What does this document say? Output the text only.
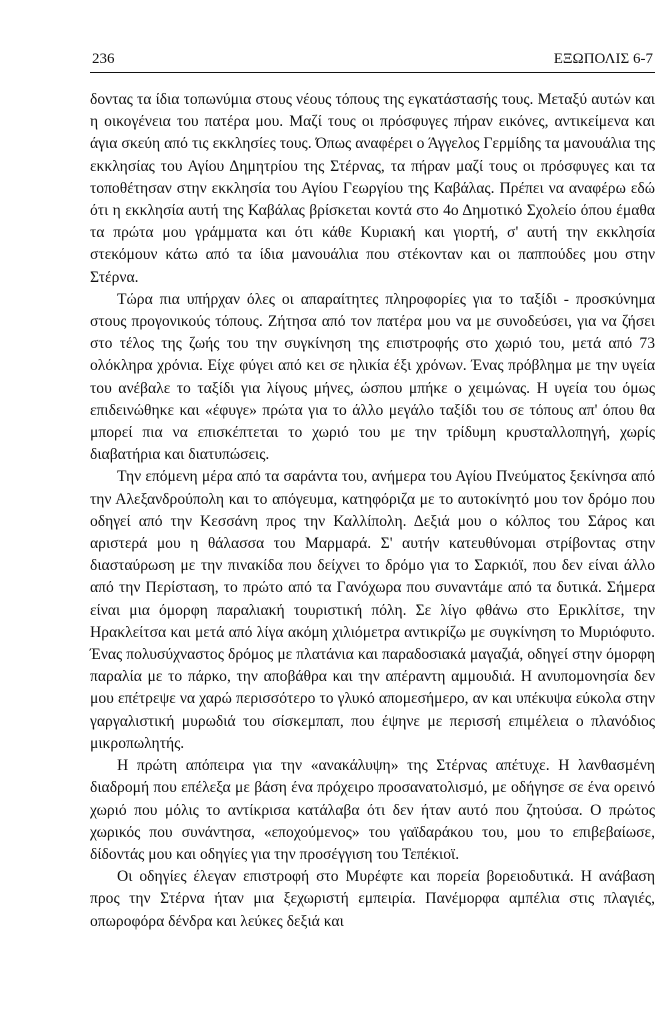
236	ΕΞΩΠΟΛΙΣ 6-7

δοντας τα ίδια τοπωνύμια στους νέους τόπους της εγκατάστασής τους. Μεταξύ αυτών και η οικογένεια του πατέρα μου. Μαζί τους οι πρόσφυγες πήραν εικόνες, αντικείμενα και άγια σκεύη από τις εκκλησίες τους. Όπως αναφέρει ο Άγγελος Γερμίδης τα μανουάλια της εκκλησίας του Αγίου Δημητρίου της Στέρνας, τα πήραν μαζί τους οι πρόσφυγες και τα τοποθέτησαν στην εκκλησία του Αγίου Γεωργίου της Καβάλας. Πρέπει να αναφέρω εδώ ότι η εκκλησία αυτή της Καβάλας βρίσκεται κοντά στο 4ο Δημοτικό Σχολείο όπου έμαθα τα πρώτα μου γράμματα και ότι κάθε Κυριακή και γιορτή, σ' αυτή την εκκλησία στεκόμουν κάτω από τα ίδια μανουάλια που στέκονταν και οι παππούδες μου στην Στέρνα.

Τώρα πια υπήρχαν όλες οι απαραίτητες πληροφορίες για το ταξίδι - προσκύνημα στους προγονικούς τόπους. Ζήτησα από τον πατέρα μου να με συνοδεύσει, για να ζήσει στο τέλος της ζωής του την συγκίνηση της επιστροφής στο χωριό του, μετά από 73 ολόκληρα χρόνια. Είχε φύγει από κει σε ηλικία έξι χρόνων. Ένας πρόβλημα με την υγεία του ανέβαλε το ταξίδι για λίγους μήνες, ώσπου μπήκε ο χειμώνας. Η υγεία του όμως επιδεινώθηκε και «έφυγε» πρώτα για το άλλο μεγάλο ταξίδι του σε τόπους απ' όπου θα μπορεί πια να επισκέπτεται το χωριό του με την τρίδυμη κρυσταλλοπηγή, χωρίς διαβατήρια και διατυπώσεις.

Την επόμενη μέρα από τα σαράντα του, ανήμερα του Αγίου Πνεύματος ξεκίνησα από την Αλεξανδρούπολη και το απόγευμα, κατηφόριζα με το αυτοκίνητό μου τον δρόμο που οδηγεί από την Κεσσάνη προς την Καλλίπολη. Δεξιά μου ο κόλπος του Σάρος και αριστερά μου η θάλασσα του Μαρμαρά. Σ' αυτήν κατευθύνομαι στρίβοντας στην διασταύρωση με την πινακίδα που δείχνει το δρόμο για το Σαρκιόϊ, που δεν είναι άλλο από την Περίσταση, το πρώτο από τα Γανόχωρα που συναντάμε από τα δυτικά. Σήμερα είναι μια όμορφη παραλιακή τουριστική πόλη. Σε λίγο φθάνω στο Ερικλίτσε, την Ηρακλείτσα και μετά από λίγα ακόμη χιλιόμετρα αντικρίζω με συγκίνηση το Μυριόφυτο. Ένας πολυσύχναστος δρόμος με πλατάνια και παραδοσιακά μαγαζιά, οδηγεί στην όμορφη παραλία με το πάρκο, την αποβάθρα και την απέραντη αμμουδιά. Η ανυπομονησία δεν μου επέτρεψε να χαρώ περισσότερο το γλυκό απομεσήμερο, αν και υπέκυψα εύκολα στην γαργαλιστική μυρωδιά του σίσκεμπαπ, που έψηνε με περισσή επιμέλεια ο πλανόδιος μικροπωλητής.

Η πρώτη απόπειρα για την «ανακάλυψη» της Στέρνας απέτυχε. Η λανθασμένη διαδρομή που επέλεξα με βάση ένα πρόχειρο προσανατολισμό, με οδήγησε σε ένα ορεινό χωριό που μόλις το αντίκρισα κατάλαβα ότι δεν ήταν αυτό που ζητούσα. Ο πρώτος χωρικός που συνάντησα, «εποχούμενος» του γαϊδαράκου του, μου το επιβεβαίωσε, δίδοντάς μου και οδηγίες για την προσέγγιση του Τεπέκιοϊ.

Οι οδηγίες έλεγαν επιστροφή στο Μυρέφτε και πορεία βορειοδυτικά. Η ανάβαση προς την Στέρνα ήταν μια ξεχωριστή εμπειρία. Πανέμορφα αμπέλια στις πλαγιές, οπωροφόρα δένδρα και λεύκες δεξιά και
